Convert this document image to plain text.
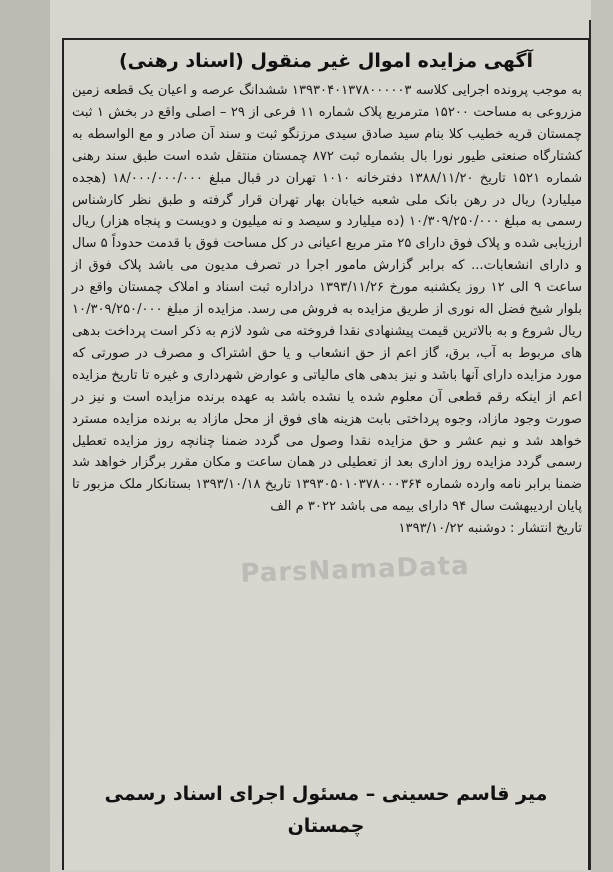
آگهی مزایده اموال غیر منقول (اسناد رهنی)

به موجب پرونده اجرایی کلاسه ۱۳۹۳۰۴۰۱۳۷۸۰۰۰۰۰۳ ششدانگ عرصه و اعیان یک قطعه زمین مزروعی به مساحت ۱۵۲۰۰ مترمربع پلاک شماره ۱۱ فرعی از ۲۹ – اصلی واقع در بخش ۱ ثبت چمستان قریه خطیب کلا بنام سید صادق سیدی مرزنگو ثبت و سند آن صادر و مع الواسطه به کشتارگاه صنعتی طیور نورا بال بشماره ثبت ۸۷۲ چمستان منتقل شده است طبق سند رهنی شماره ۱۵۲۱ تاریخ ۱۳۸۸/۱۱/۲۰ دفترخانه ۱۰۱۰ تهران در قبال مبلغ ۱۸/۰۰۰/۰۰۰/۰۰۰ (هجده میلیارد) ریال در رهن بانک ملی شعبه خیابان بهار تهران قرار گرفته و طبق نظر کارشناس رسمی به مبلغ ۱۰/۳۰۹/۲۵۰/۰۰۰ (ده میلیارد و سیصد و نه میلیون و دویست و پنجاه هزار) ریال ارزیابی شده و پلاک فوق دارای ۲۵ متر مربع اعیانی در کل مساحت فوق با قدمت حدوداً ۵ سال و دارای انشعابات... که برابر گزارش مامور اجرا در تصرف مدیون می باشد پلاک فوق از ساعت ۹ الی ۱۲ روز یکشنبه مورخ ۱۳۹۳/۱۱/۲۶ دراداره ثبت اسناد و املاک چمستان واقع در بلوار شیخ فضل اله نوری از طریق مزایده به فروش می رسد. مزایده از مبلغ ۱۰/۳۰۹/۲۵۰/۰۰۰ ریال شروع و به بالاترین قیمت پیشنهادی نقدا فروخته می شود لازم به ذکر است پرداخت بدهی های مربوط به آب، برق، گاز اعم از حق انشعاب و یا حق اشتراک و مصرف در صورتی که مورد مزایده دارای آنها باشد و نیز بدهی های مالیاتی و عوارض شهرداری و غیره تا تاریخ مزایده اعم از اینکه رقم قطعی آن معلوم شده یا نشده باشد به عهده برنده مزایده است و نیز در صورت وجود مازاد، وجوه پرداختی بابت هزینه های فوق از محل مازاد به برنده مزایده مسترد خواهد شد و نیم عشر و حق مزایده نقدا وصول می گردد ضمنا چنانچه روز مزایده تعطیل رسمی گردد مزایده روز اداری بعد از تعطیلی در همان ساعت و مکان مقرر برگزار خواهد شد ضمنا برابر نامه وارده شماره ۱۳۹۳۰۵۰۱۰۳۷۸۰۰۰۳۶۴ تاریخ ۱۳۹۳/۱۰/۱۸ بستانکار ملک مزبور تا پایان اردیبهشت سال ۹۴ دارای بیمه می باشد ۳۰۲۲ م الف

تاریخ انتشار : دوشنبه ۱۳۹۳/۱۰/۲۲

میر قاسم حسینی – مسئول اجرای اسناد رسمی
چمستان
ParsNamaData
